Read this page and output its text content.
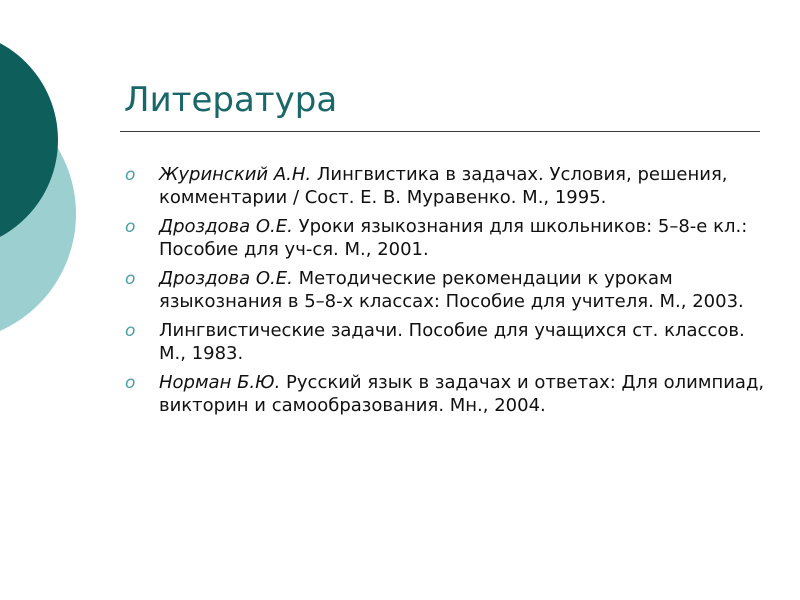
Литература
o Журинский А.Н. Лингвистика в задачах. Условия, решения, комментарии / Сост. Е. В. Муравенко. М., 1995.
o Дроздова О.Е. Уроки языкознания для школьников: 5–8-е кл.: Пособие для уч-ся. М., 2001.
o Дроздова О.Е. Методические рекомендации к урокам языкознания в 5–8-х классах: Пособие для учителя. М., 2003.
o Лингвистические задачи. Пособие для учащихся ст. классов. М., 1983.
o Норман Б.Ю. Русский язык в задачах и ответах: Для олимпиад, викторин и самообразования. Мн., 2004.
